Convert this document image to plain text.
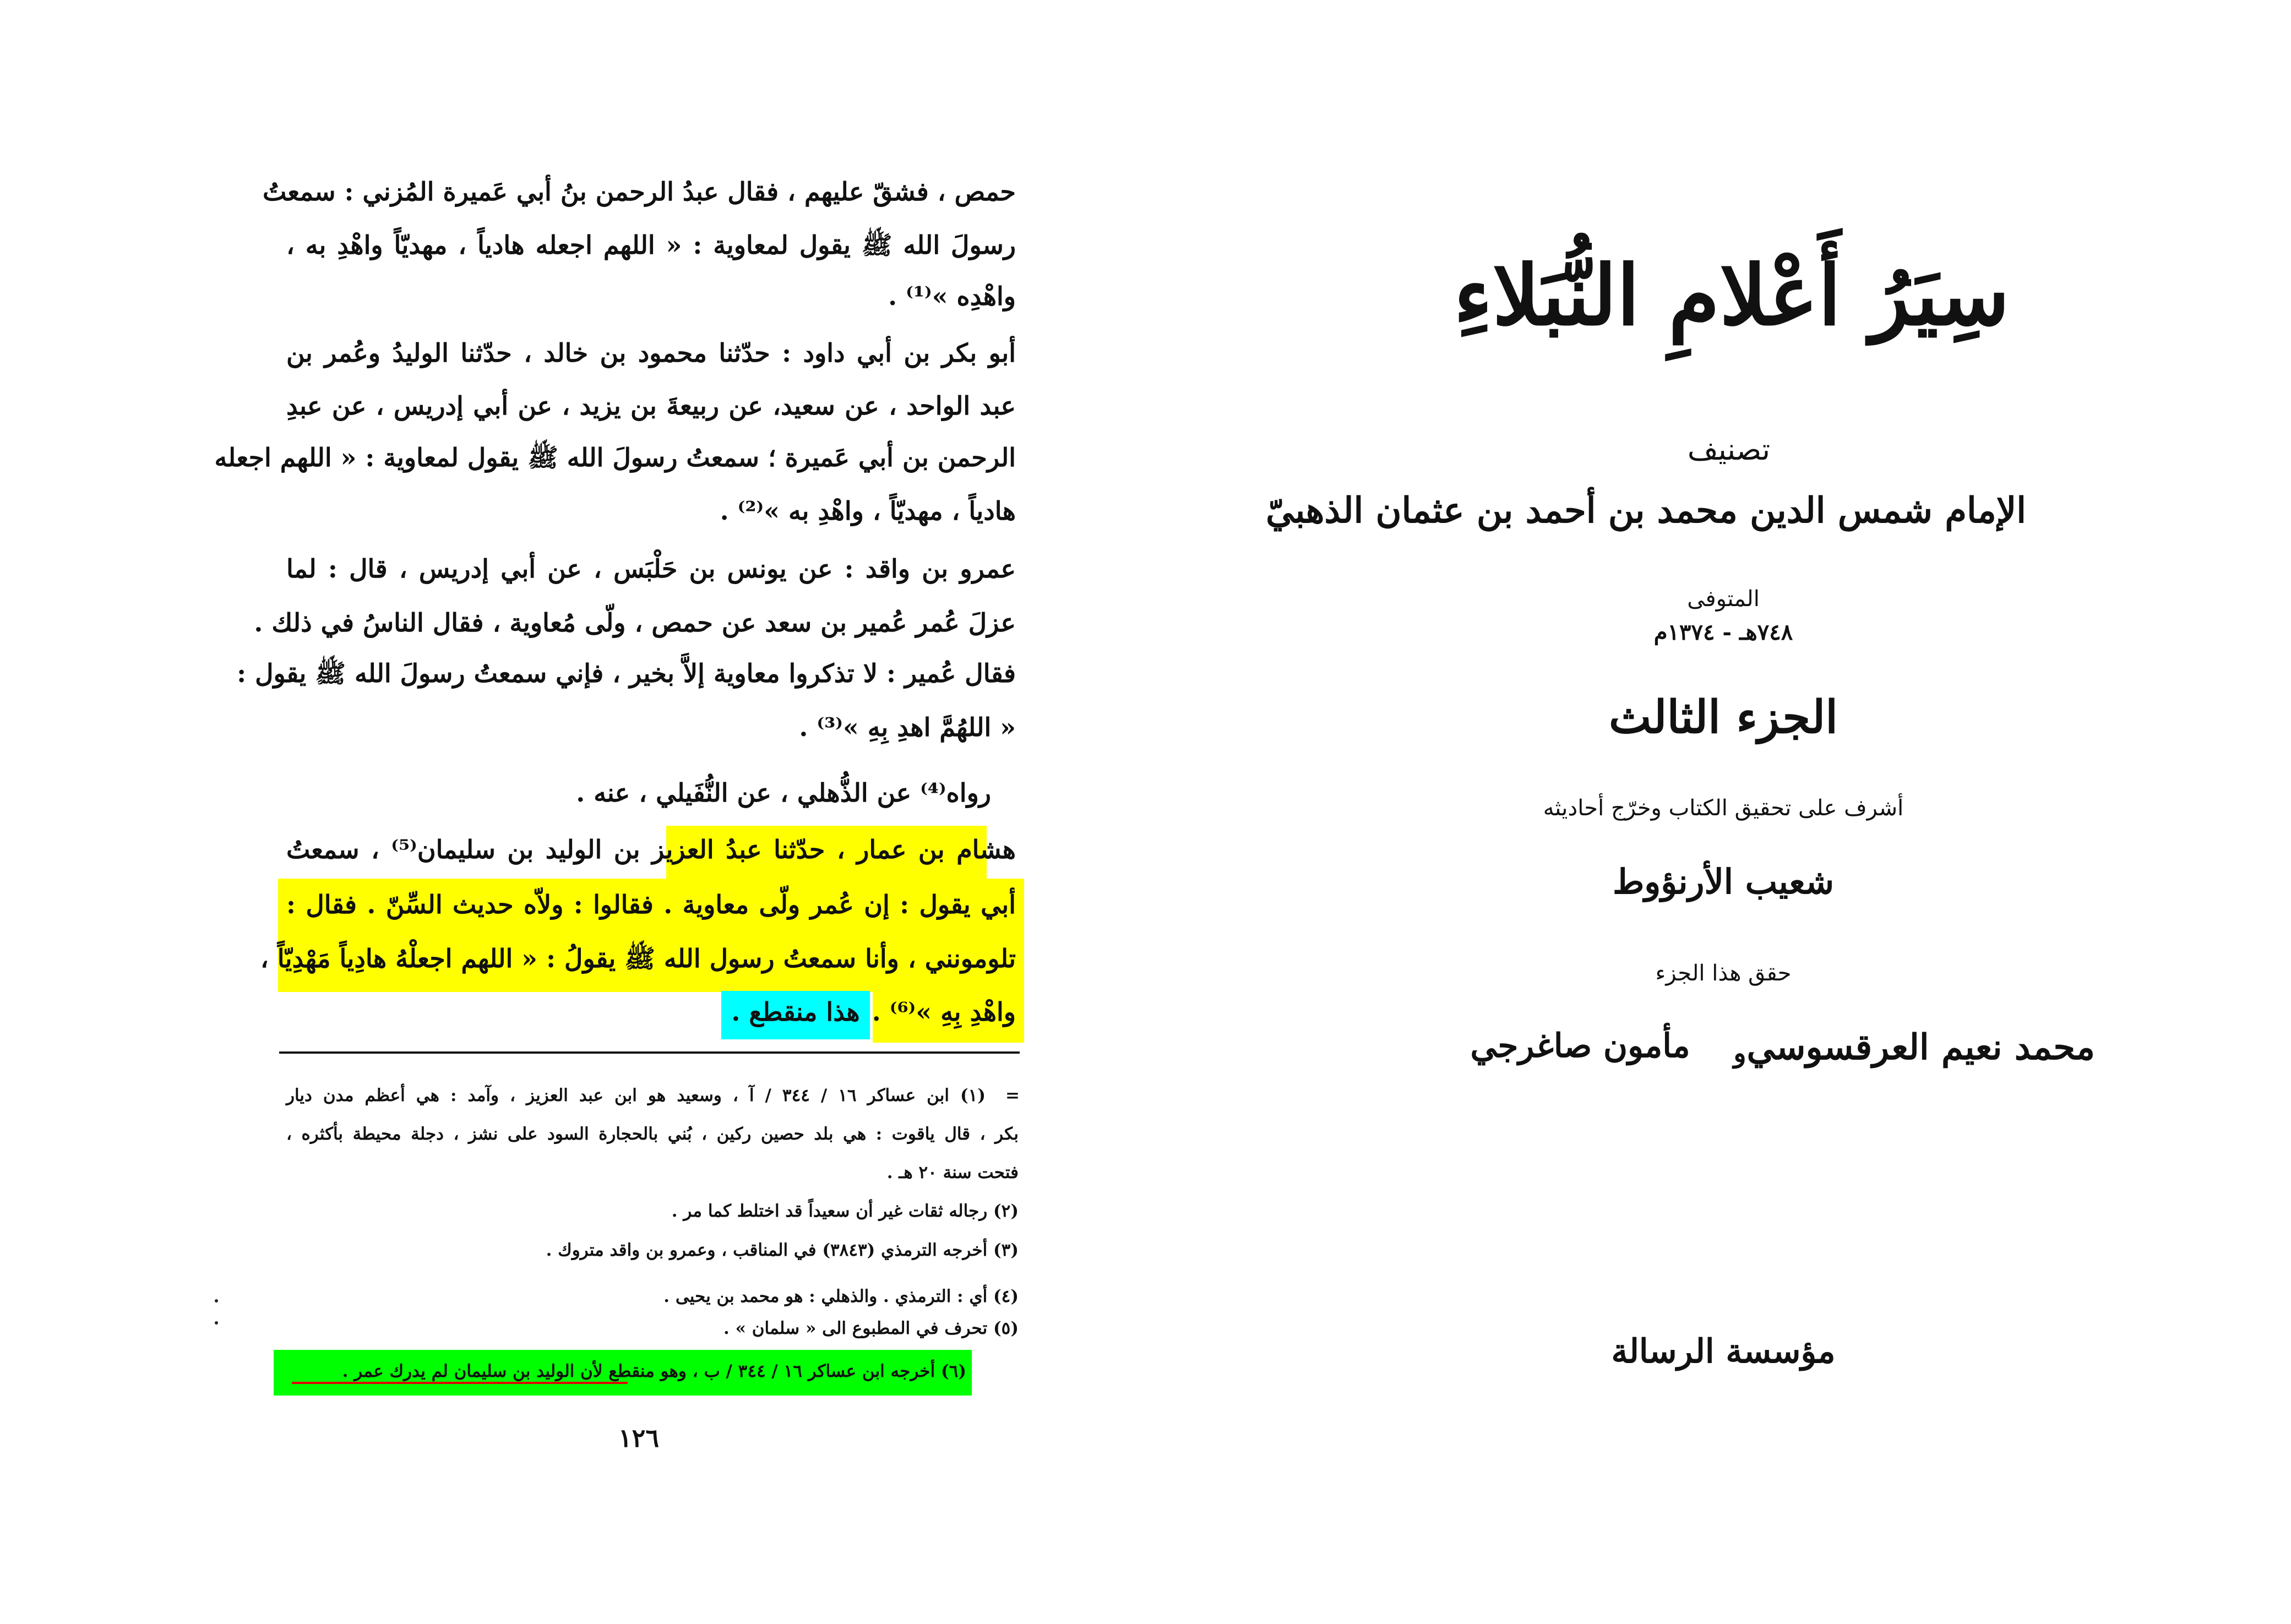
حمص ، فشقّ عليهم ، فقال عبدُ الرحمن بنُ أبي عَميرة المُزني : سمعتُ
رسولَ الله ﷺ يقول لمعاوية : « اللهم اجعله هادياً ، مهديّاً واهْدِ به ،
واهْدِه »⁽¹⁾ .
أبو بكر بن أبي داود : حدّثنا محمود بن خالد ، حدّثنا الوليدُ وعُمر بن
عبد الواحد ، عن سعيد، عن ربيعةَ بن يزيد ، عن أبي إدريس ، عن عبدِ
الرحمن بن أبي عَميرة ؛ سمعتُ رسولَ الله ﷺ يقول لمعاوية : « اللهم اجعله
هادياً ، مهديّاً ، واهْدِ به »⁽²⁾ .
عمرو بن واقد : عن يونس بن حَلْبَس ، عن أبي إدريس ، قال : لما
عزلَ عُمر عُمير بن سعد عن حمص ، ولّى مُعاوية ، فقال الناسُ في ذلك .
فقال عُمير : لا تذكروا معاوية إلاَّ بخير ، فإني سمعتُ رسولَ الله ﷺ يقول :
« اللهُمَّ اهدِ بِهِ »⁽³⁾ .
رواه⁽⁴⁾ عن الذُّهلي ، عن النُّفَيلي ، عنه .
هشام بن عمار ، حدّثنا عبدُ العزيز بن الوليد بن سليمان⁽⁵⁾ ، سمعتُ
أبي يقول : إن عُمر ولّى معاوية . فقالوا : ولاّه حديث السِّنّ . فقال :
تلومونني ، وأنا سمعتُ رسول الله ﷺ يقولُ : « اللهم اجعلْهُ هادِياً مَهْدِيّاً ،
واهْدِ بِهِ »⁽⁶⁾ .
هذا منقطع .
=
(١) ابن عساكر ١٦ / ٣٤٤ / آ ، وسعيد هو ابن عبد العزيز ، وآمد : هي أعظم مدن ديار
بكر ، قال ياقوت : هي بلد حصين ركين ، بُني بالحجارة السود على نشز ، دجلة محيطة بأكثره ،
فتحت سنة ٢٠ هـ .
(٢) رجاله ثقات غير أن سعيداً قد اختلط كما مر .
(٣) أخرجه الترمذي (٣٨٤٣) في المناقب ، وعمرو بن واقد متروك .
(٤) أي : الترمذي . والذهلي : هو محمد بن يحيى .
(٥) تحرف في المطبوع الى « سلمان » .
(٦) أخرجه ابن عساكر ١٦ / ٣٤٤ / ب ، وهو منقطع لأن الوليد بن سليمان لم يدرك عمر .
١٢٦
سِيَرُ أَعْلامِ النُّبَلاءِ
تصنيف
الإمام شمس الدين محمد بن أحمد بن عثمان الذهبيّ
المتوفى
٧٤٨هـ - ١٣٧٤م
الجزء الثالث
أشرف على تحقيق الكتاب وخرّج أحاديثه
شعيب الأرنؤوط
حقق هذا الجزء
محمد نعيم العرقسوسي
و
مأمون صاغرجي
مؤسسة الرسالة
